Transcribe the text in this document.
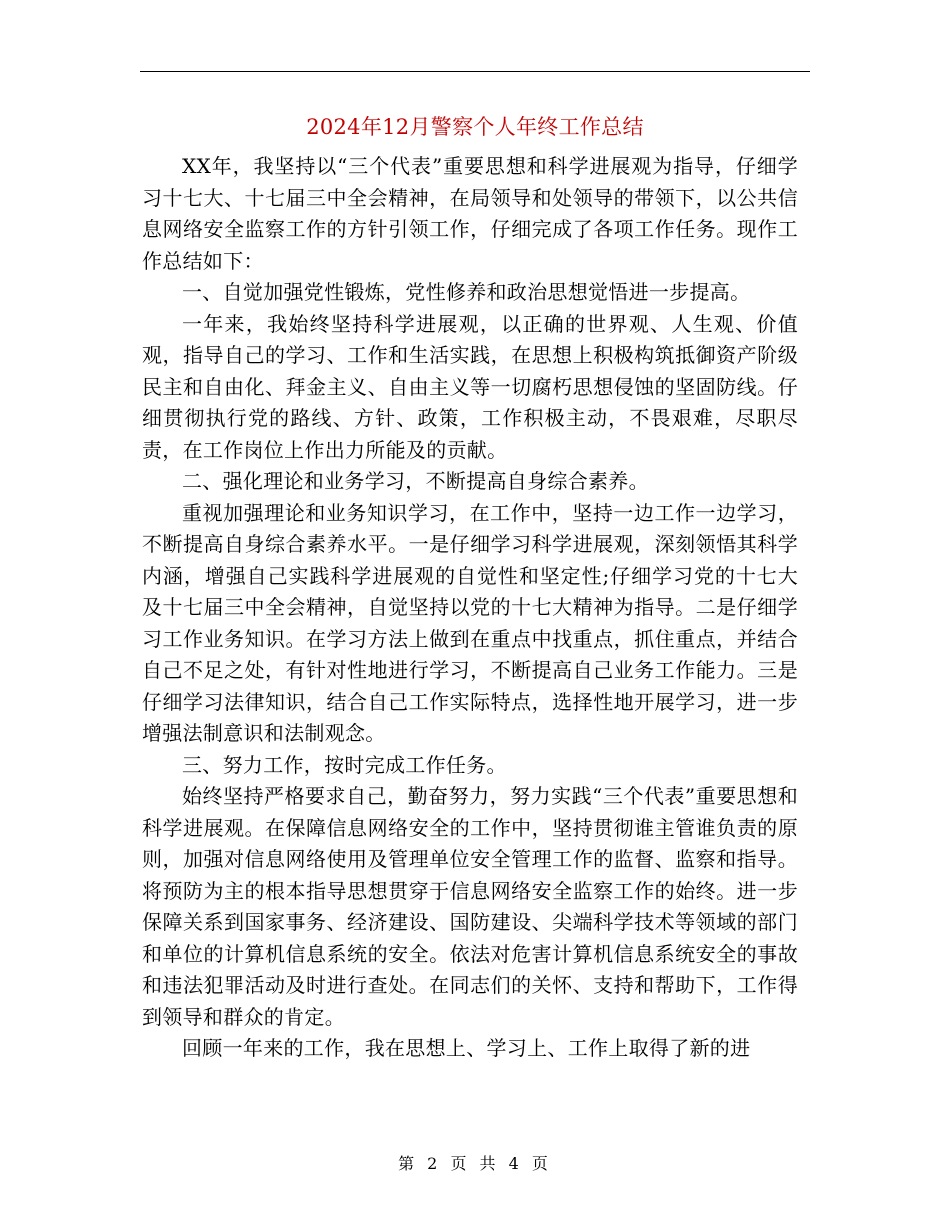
2024年12月警察个人年终工作总结

XX年，我坚持以“三个代表”重要思想和科学进展观为指导，仔细学习十七大、十七届三中全会精神，在局领导和处领导的带领下，以公共信息网络安全监察工作的方针引领工作，仔细完成了各项工作任务。现作工作总结如下：

一、自觉加强党性锻炼，党性修养和政治思想觉悟进一步提高。

一年来，我始终坚持科学进展观，以正确的世界观、人生观、价值观，指导自己的学习、工作和生活实践，在思想上积极构筑抵御资产阶级民主和自由化、拜金主义、自由主义等一切腐朽思想侵蚀的坚固防线。仔细贯彻执行党的路线、方针、政策，工作积极主动，不畏艰难，尽职尽责，在工作岗位上作出力所能及的贡献。

二、强化理论和业务学习，不断提高自身综合素养。

重视加强理论和业务知识学习，在工作中，坚持一边工作一边学习，不断提高自身综合素养水平。一是仔细学习科学进展观，深刻领悟其科学内涵，增强自己实践科学进展观的自觉性和坚定性;仔细学习党的十七大及十七届三中全会精神，自觉坚持以党的十七大精神为指导。二是仔细学习工作业务知识。在学习方法上做到在重点中找重点，抓住重点，并结合自己不足之处，有针对性地进行学习，不断提高自己业务工作能力。三是仔细学习法律知识，结合自己工作实际特点，选择性地开展学习，进一步增强法制意识和法制观念。

三、努力工作，按时完成工作任务。

始终坚持严格要求自己，勤奋努力，努力实践“三个代表”重要思想和科学进展观。在保障信息网络安全的工作中，坚持贯彻谁主管谁负责的原则，加强对信息网络使用及管理单位安全管理工作的监督、监察和指导。将预防为主的根本指导思想贯穿于信息网络安全监察工作的始终。进一步保障关系到国家事务、经济建设、国防建设、尖端科学技术等领域的部门和单位的计算机信息系统的安全。依法对危害计算机信息系统安全的事故和违法犯罪活动及时进行查处。在同志们的关怀、支持和帮助下，工作得到领导和群众的肯定。

回顾一年来的工作，我在思想上、学习上、工作上取得了新的进

第 2 页 共 4 页
